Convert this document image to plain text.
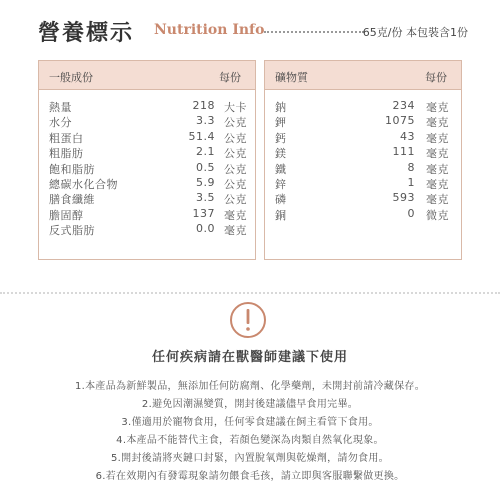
營養標示 Nutrition Info	65克/份 本包裝含1份
一般成份	每份
熱量	218 大卡
水分	3.3 公克
粗蛋白	51.4 公克
粗脂肪	2.1 公克
飽和脂肪	0.5 公克
總碳水化合物	5.9 公克
膳食纖維	3.5 公克
膽固醇	137 毫克
反式脂肪	0.0 毫克
礦物質	每份
鈉	234 毫克
鉀	1075 毫克
鈣	43 毫克
鎂	111 毫克
鐵	8 毫克
鋅	1 毫克
磷	593 毫克
銅	0 微克
任何疾病請在獸醫師建議下使用
1.本產品為新鮮製品，無添加任何防腐劑、化學藥劑，未開封前請冷藏保存。
2.避免因潮濕變質，開封後建議儘早食用完畢。
3.僅適用於寵物食用，任何零食建議在飼主看管下食用。
4.本產品不能替代主食，若顏色變深為肉類自然氧化現象。
5.開封後請將夾鏈口封緊，內置脫氧劑與乾燥劑，請勿食用。
6.若在效期內有發霉現象請勿餵食毛孩，請立即與客服聯繫做更換。
